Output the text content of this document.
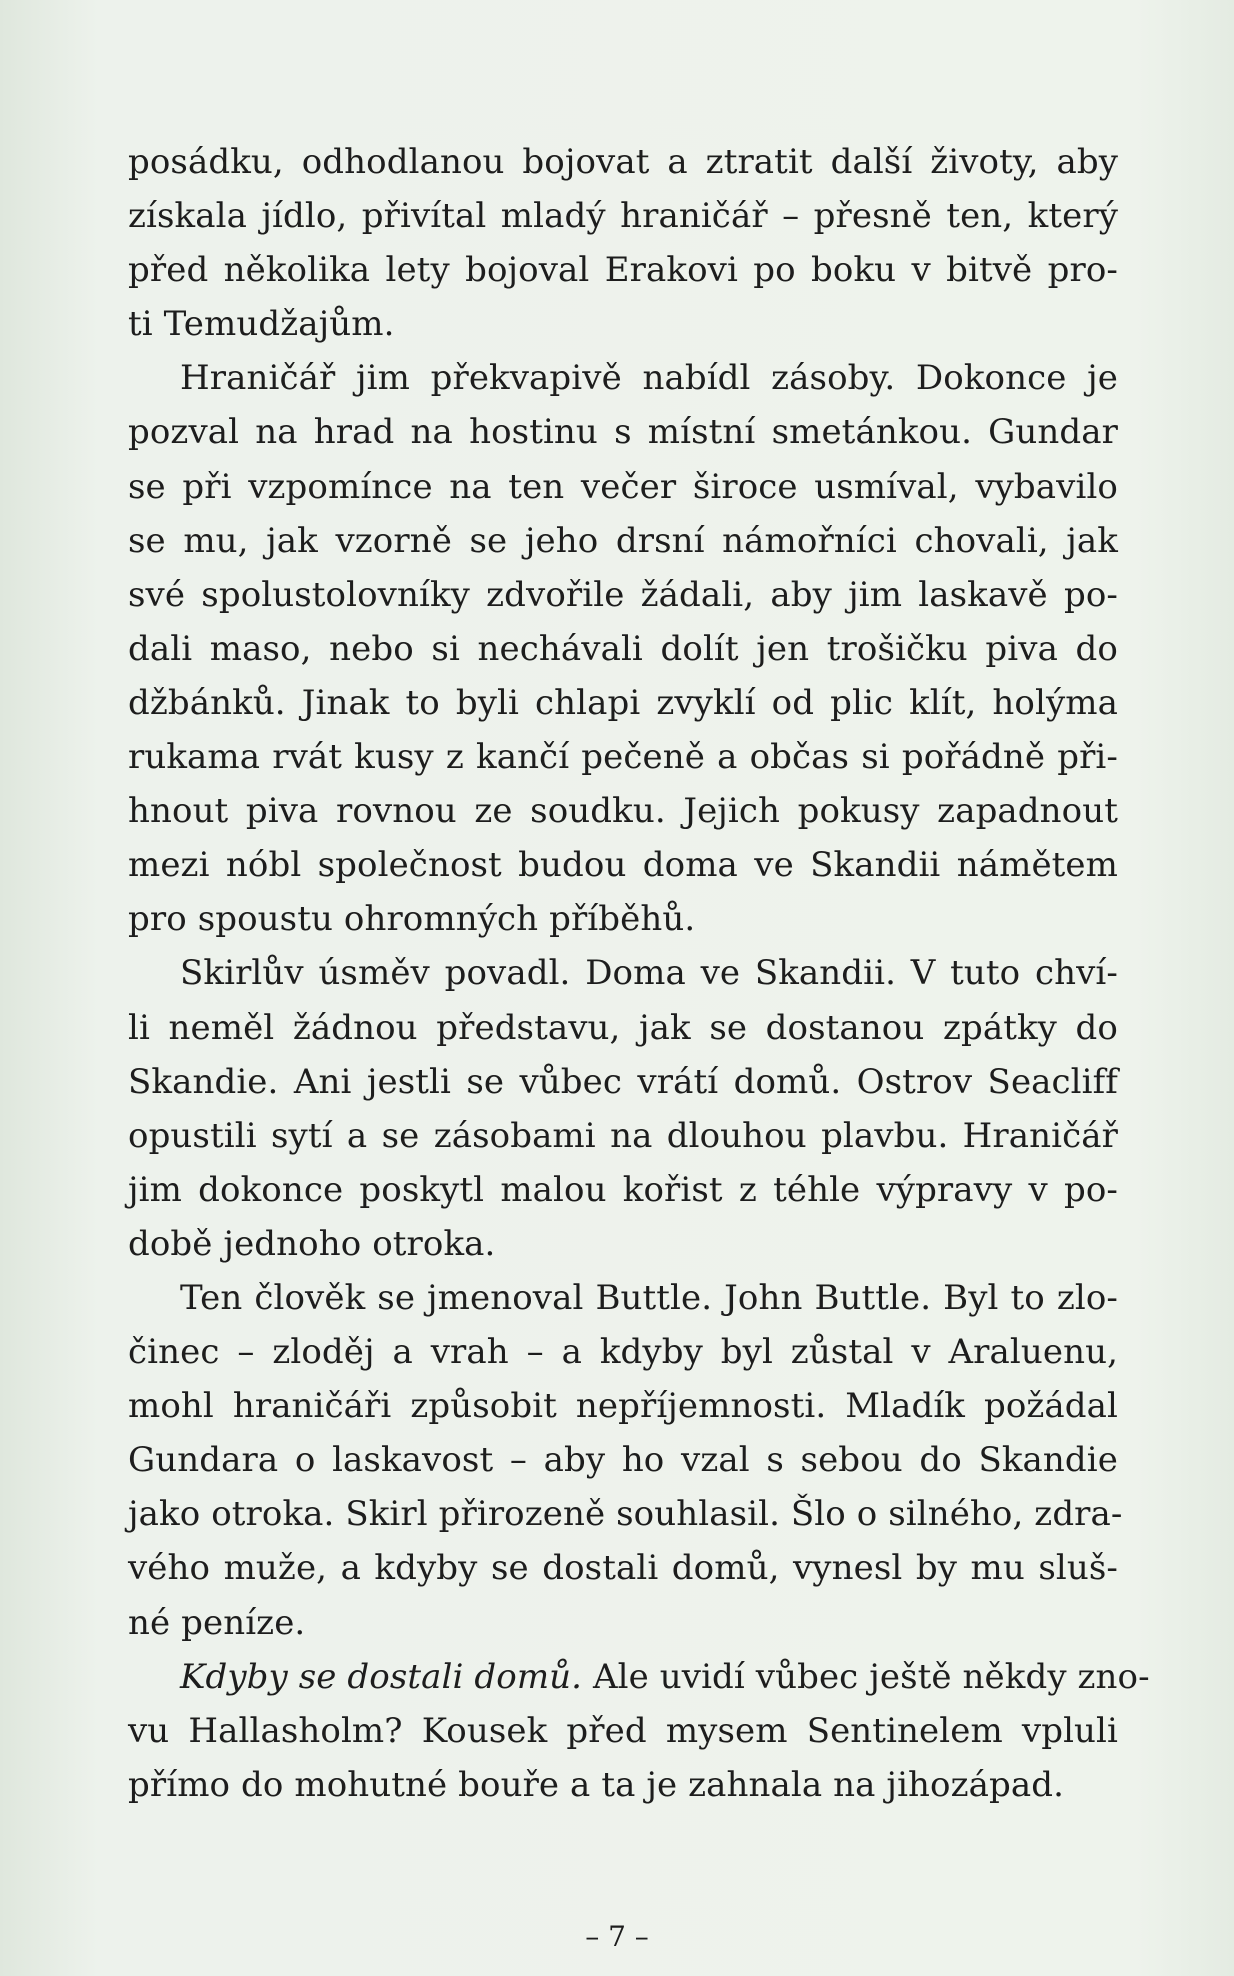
posádku, odhodlanou bojovat a ztratit další životy, aby
získala jídlo, přivítal mladý hraničář – přesně ten, který
před několika lety bojoval Erakovi po boku v bitvě pro-
ti Temudžajům.
Hraničář jim překvapivě nabídl zásoby. Dokonce je
pozval na hrad na hostinu s místní smetánkou. Gundar
se při vzpomínce na ten večer široce usmíval, vybavilo
se mu, jak vzorně se jeho drsní námořníci chovali, jak
své spolustolovníky zdvořile žádali, aby jim laskavě po-
dali maso, nebo si nechávali dolít jen trošičku piva do
džbánků. Jinak to byli chlapi zvyklí od plic klít, holýma
rukama rvát kusy z kančí pečeně a občas si pořádně při-
hnout piva rovnou ze soudku. Jejich pokusy zapadnout
mezi nóbl společnost budou doma ve Skandii námětem
pro spoustu ohromných příběhů.
Skirlův úsměv povadl. Doma ve Skandii. V tuto chví-
li neměl žádnou představu, jak se dostanou zpátky do
Skandie. Ani jestli se vůbec vrátí domů. Ostrov Seacliff
opustili sytí a se zásobami na dlouhou plavbu. Hraničář
jim dokonce poskytl malou kořist z téhle výpravy v po-
době jednoho otroka.
Ten člověk se jmenoval Buttle. John Buttle. Byl to zlo-
činec – zloděj a vrah – a kdyby byl zůstal v Araluenu,
mohl hraničáři způsobit nepříjemnosti. Mladík požádal
Gundara o laskavost – aby ho vzal s sebou do Skandie
jako otroka. Skirl přirozeně souhlasil. Šlo o silného, zdra-
vého muže, a kdyby se dostali domů, vynesl by mu sluš-
né peníze.
Kdyby se dostali domů. Ale uvidí vůbec ještě někdy zno-
vu Hallasholm? Kousek před mysem Sentinelem vpluli
přímo do mohutné bouře a ta je zahnala na jihozápad.
– 7 –
